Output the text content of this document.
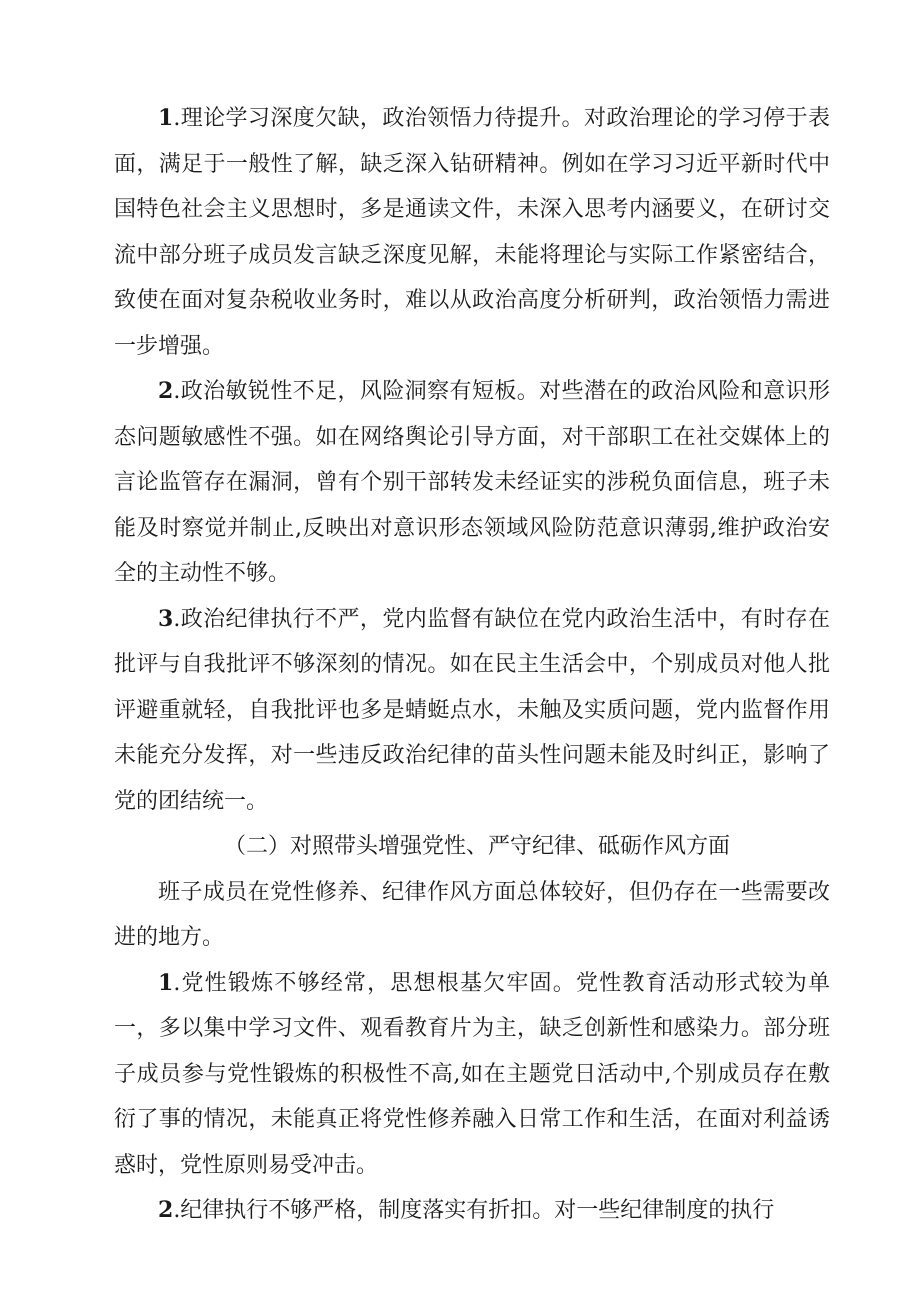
1.理论学习深度欠缺，政治领悟力待提升。对政治理论的学习停于表面，满足于一般性了解，缺乏深入钻研精神。例如在学习习近平新时代中国特色社会主义思想时，多是通读文件，未深入思考内涵要义，在研讨交流中部分班子成员发言缺乏深度见解，未能将理论与实际工作紧密结合，致使在面对复杂税收业务时，难以从政治高度分析研判，政治领悟力需进一步增强。

2.政治敏锐性不足，风险洞察有短板。对些潜在的政治风险和意识形态问题敏感性不强。如在网络舆论引导方面，对干部职工在社交媒体上的言论监管存在漏洞，曾有个别干部转发未经证实的涉税负面信息，班子未能及时察觉并制止,反映出对意识形态领域风险防范意识薄弱,维护政治安全的主动性不够。

3.政治纪律执行不严，党内监督有缺位在党内政治生活中，有时存在批评与自我批评不够深刻的情况。如在民主生活会中，个别成员对他人批评避重就轻，自我批评也多是蜻蜓点水，未触及实质问题，党内监督作用未能充分发挥，对一些违反政治纪律的苗头性问题未能及时纠正，影响了党的团结统一。

（二）对照带头增强党性、严守纪律、砥砺作风方面

班子成员在党性修养、纪律作风方面总体较好，但仍存在一些需要改进的地方。

1.党性锻炼不够经常，思想根基欠牢固。党性教育活动形式较为单一，多以集中学习文件、观看教育片为主，缺乏创新性和感染力。部分班子成员参与党性锻炼的积极性不高,如在主题党日活动中,个别成员存在敷衍了事的情况，未能真正将党性修养融入日常工作和生活，在面对利益诱惑时，党性原则易受冲击。

2.纪律执行不够严格，制度落实有折扣。对一些纪律制度的执行
